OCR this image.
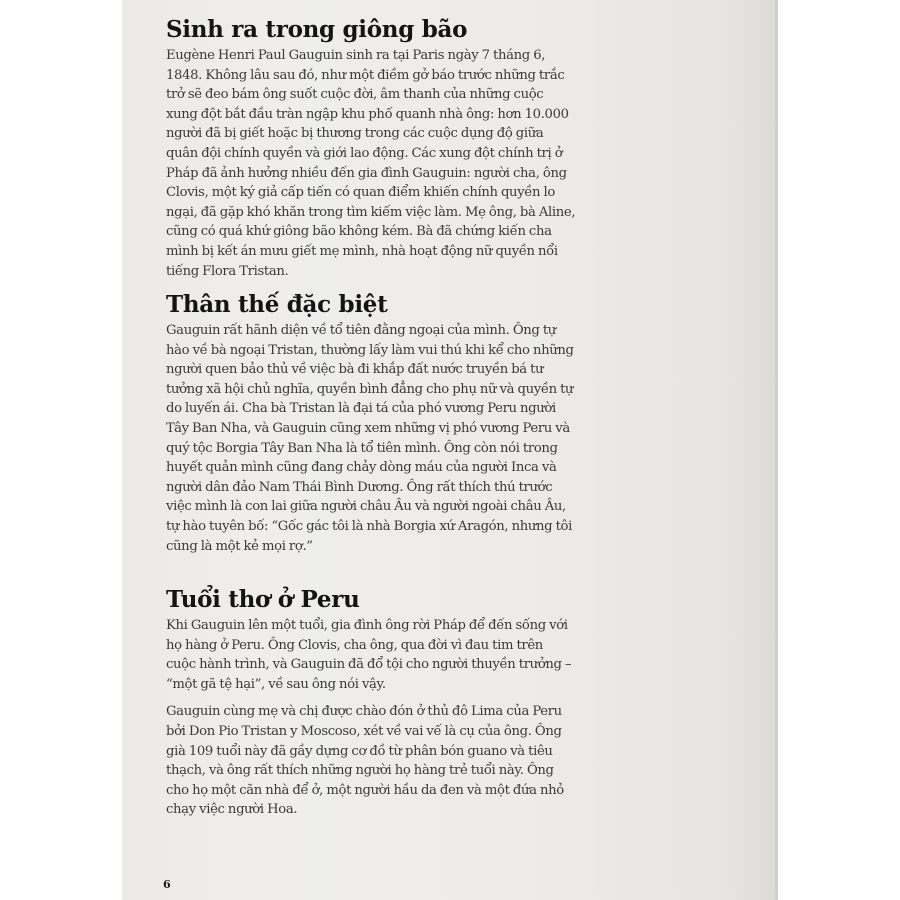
Sinh ra trong giông bão

Eugène Henri Paul Gauguin sinh ra tại Paris ngày 7 tháng 6, 1848. Không lâu sau đó, như một điềm gở báo trước những trắc trở sẽ đeo bám ông suốt cuộc đời, âm thanh của những cuộc xung đột bắt đầu tràn ngập khu phố quanh nhà ông: hơn 10.000 người đã bị giết hoặc bị thương trong các cuộc dụng độ giữa quân đội chính quyền và giới lao động. Các xung đột chính trị ở Pháp đã ảnh hưởng nhiều đến gia đình Gauguin: người cha, ông Clovis, một ký giả cấp tiến có quan điểm khiến chính quyền lo ngại, đã gặp khó khăn trong tìm kiếm việc làm. Mẹ ông, bà Aline, cũng có quá khứ giông bão không kém. Bà đã chứng kiến cha mình bị kết án mưu giết mẹ mình, nhà hoạt động nữ quyền nổi tiếng Flora Tristan.

Thân thế đặc biệt

Gauguin rất hãnh diện về tổ tiên đằng ngoại của mình. Ông tự hào về bà ngoại Tristan, thường lấy làm vui thú khi kể cho những người quen bảo thủ về việc bà đi khắp đất nước truyền bá tư tưởng xã hội chủ nghĩa, quyền bình đẳng cho phụ nữ và quyền tự do luyến ái. Cha bà Tristan là đại tá của phó vương Peru người Tây Ban Nha, và Gauguin cũng xem những vị phó vương Peru và quý tộc Borgia Tây Ban Nha là tổ tiên mình. Ông còn nói trong huyết quản mình cũng đang chảy dòng máu của người Inca và người dân đảo Nam Thái Bình Dương. Ông rất thích thú trước việc mình là con lai giữa người châu Âu và người ngoài châu Âu, tự hào tuyên bố: “Gốc gác tôi là nhà Borgia xứ Aragón, nhưng tôi cũng là một kẻ mọi rợ.”

Tuổi thơ ở Peru

Khi Gauguin lên một tuổi, gia đình ông rời Pháp để đến sống với họ hàng ở Peru. Ông Clovis, cha ông, qua đời vì đau tim trên cuộc hành trình, và Gauguin đã đổ tội cho người thuyền trưởng – “một gã tệ hại”, về sau ông nói vậy.

Gauguin cùng mẹ và chị được chào đón ở thủ đô Lima của Peru bởi Don Pio Tristan y Moscoso, xét về vai vế là cụ của ông. Ông già 109 tuổi này đã gầy dựng cơ đồ từ phân bón guano và tiêu thạch, và ông rất thích những người họ hàng trẻ tuổi này. Ông cho họ một căn nhà để ở, một người hầu da đen và một đứa nhỏ chạy việc người Hoa.

6
